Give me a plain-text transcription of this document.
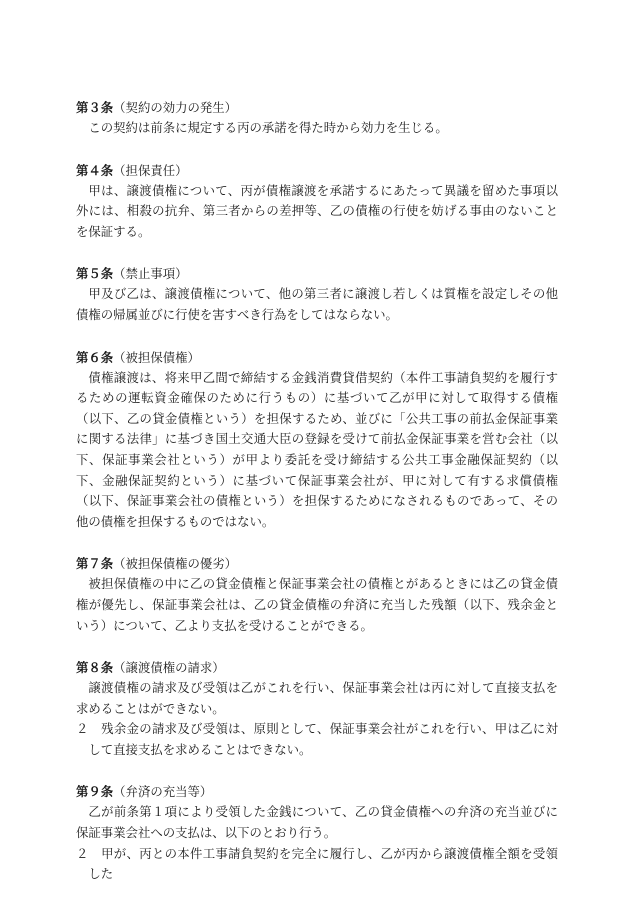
第３条（契約の効力の発生）

この契約は前条に規定する丙の承諾を得た時から効力を生じる。

第４条（担保責任）

甲は、譲渡債権について、丙が債権譲渡を承諾するにあたって異議を留めた事項以外には、相殺の抗弁、第三者からの差押等、乙の債権の行使を妨げる事由のないことを保証する。

第５条（禁止事項）

甲及び乙は、譲渡債権について、他の第三者に譲渡し若しくは質権を設定しその他債権の帰属並びに行使を害すべき行為をしてはならない。

第６条（被担保債権）

債権譲渡は、将来甲乙間で締結する金銭消費貸借契約（本件工事請負契約を履行するための運転資金確保のために行うもの）に基づいて乙が甲に対して取得する債権（以下、乙の貸金債権という）を担保するため、並びに「公共工事の前払金保証事業に関する法律」に基づき国土交通大臣の登録を受けて前払金保証事業を営む会社（以下、保証事業会社という）が甲より委託を受け締結する公共工事金融保証契約（以下、金融保証契約という）に基づいて保証事業会社が、甲に対して有する求償債権（以下、保証事業会社の債権という）を担保するためになされるものであって、その他の債権を担保するものではない。

第７条（被担保債権の優劣）

被担保債権の中に乙の貸金債権と保証事業会社の債権とがあるときには乙の貸金債権が優先し、保証事業会社は、乙の貸金債権の弁済に充当した残額（以下、残余金という）について、乙より支払を受けることができる。

第８条（譲渡債権の請求）

譲渡債権の請求及び受領は乙がこれを行い、保証事業会社は丙に対して直接支払を求めることはができない。

２ 残余金の請求及び受領は、原則として、保証事業会社がこれを行い、甲は乙に対して直接支払を求めることはできない。

第９条（弁済の充当等）

乙が前条第１項により受領した金銭について、乙の貸金債権への弁済の充当並びに保証事業会社への支払は、以下のとおり行う。

２ 甲が、丙との本件工事請負契約を完全に履行し、乙が丙から譲渡債権全額を受領した
